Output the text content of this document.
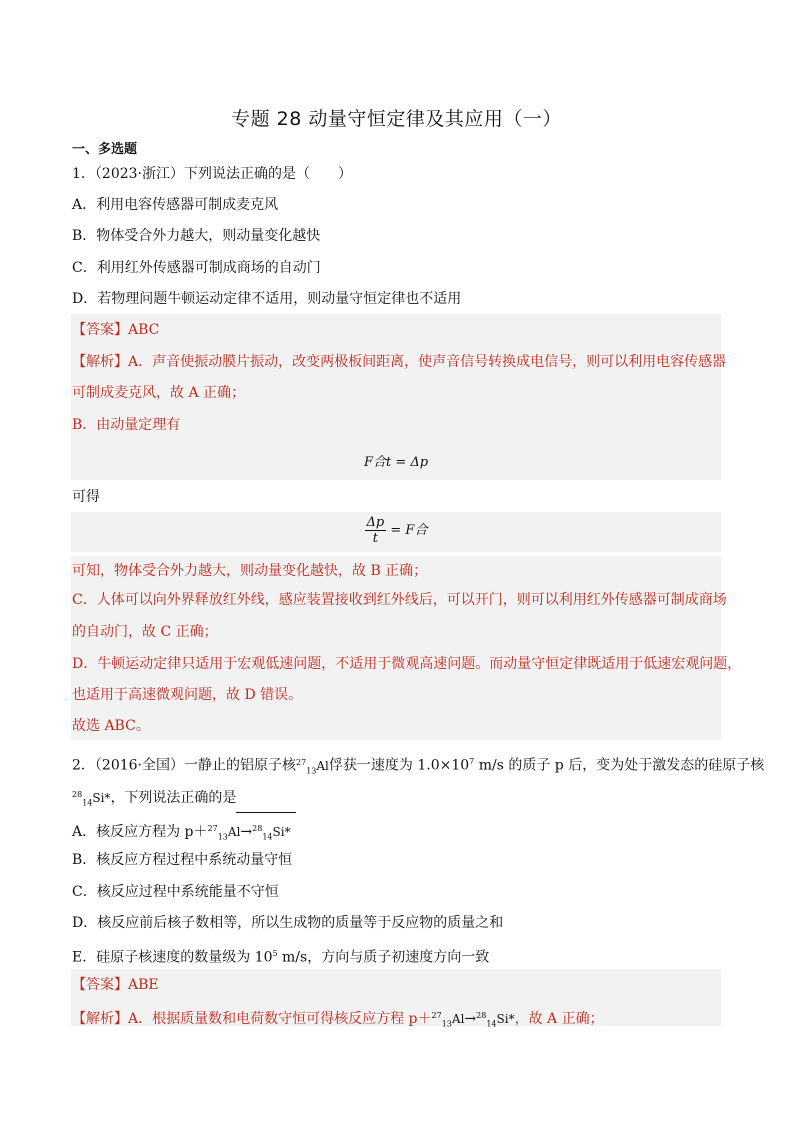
专题 28 动量守恒定律及其应用（一）
一、多选题
1．（2023·浙江）下列说法正确的是（　　）
A．利用电容传感器可制成麦克风
B．物体受合外力越大，则动量变化越快
C．利用红外传感器可制成商场的自动门
D．若物理问题牛顿运动定律不适用，则动量守恒定律也不适用
【答案】ABC
【解析】A．声音使振动膜片振动，改变两极板间距离，使声音信号转换成电信号，则可以利用电容传感器
可制成麦克风，故 A 正确；
B．由动量定理有
F合t = Δp
可得
$\frac{\Delta p}{t} = F$合
可知，物体受合外力越大，则动量变化越快，故 B 正确；
C．人体可以向外界释放红外线，感应装置接收到红外线后，可以开门，则可以利用红外传感器可制成商场
的自动门，故 C 正确；
D．牛顿运动定律只适用于宏观低速问题，不适用于微观高速问题。而动量守恒定律既适用于低速宏观问题，
也适用于高速微观问题，故 D 错误。
故选 ABC。
2．（2016·全国）一静止的铝原子核$^{27}_{13}$Al俘获一速度为 $1.0\times 10^7$ m/s 的质子 p 后，变为处于激发态的硅原子核
$^{28}_{14}$Si*，下列说法正确的是
A．核反应方程为 p＋$^{27}_{13}$Al→$^{28}_{14}$Si*
B．核反应方程过程中系统动量守恒
C．核反应过程中系统能量不守恒
D．核反应前后核子数相等，所以生成物的质量等于反应物的质量之和
E．硅原子核速度的数量级为 $10^5$ m/s，方向与质子初速度方向一致
【答案】ABE
【解析】A．根据质量数和电荷数守恒可得核反应方程 p＋$^{27}_{13}$Al→$^{28}_{14}$Si*，故 A 正确；
